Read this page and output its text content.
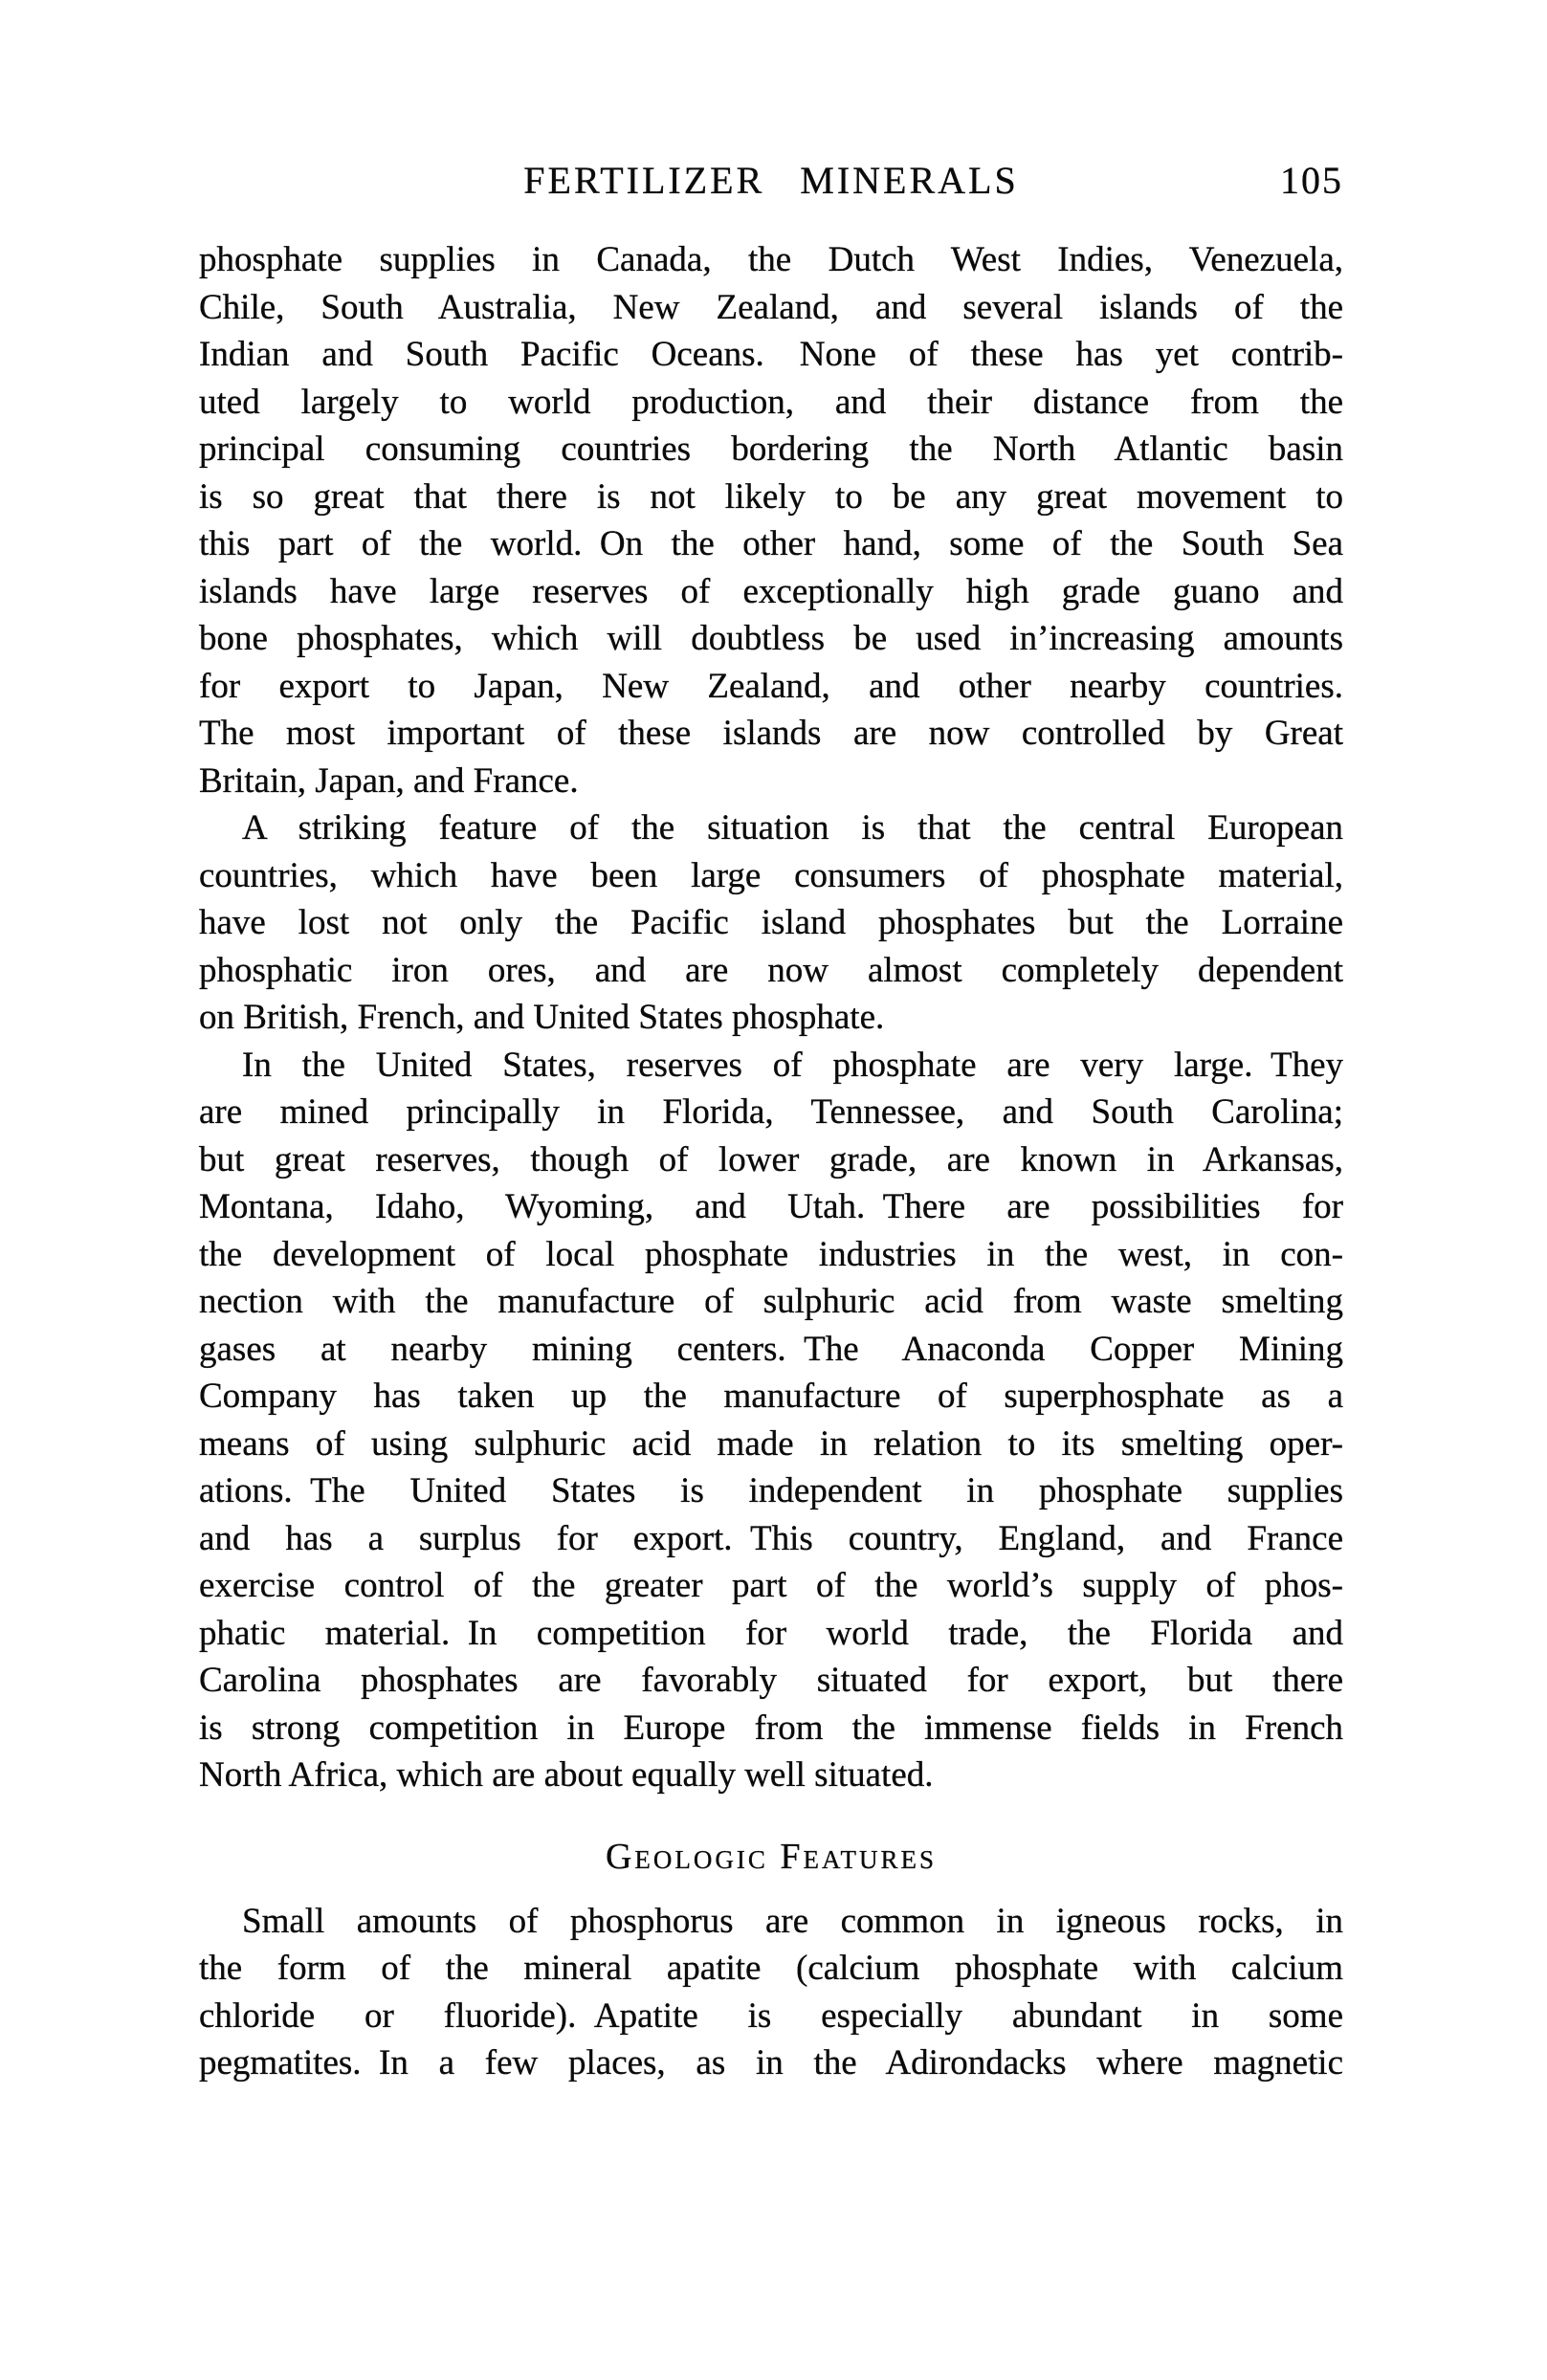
FERTILIZER MINERALS	105
phosphate supplies in Canada, the Dutch West Indies, Venezuela,
Chile, South Australia, New Zealand, and several islands of the
Indian and South Pacific Oceans. None of these has yet contrib-
uted largely to world production, and their distance from the
principal consuming countries bordering the North Atlantic basin
is so great that there is not likely to be any great movement to
this part of the world. On the other hand, some of the South Sea
islands have large reserves of exceptionally high grade guano and
bone phosphates, which will doubtless be used in’increasing amounts
for export to Japan, New Zealand, and other nearby countries.
The most important of these islands are now controlled by Great
Britain, Japan, and France.
A striking feature of the situation is that the central European
countries, which have been large consumers of phosphate material,
have lost not only the Pacific island phosphates but the Lorraine
phosphatic iron ores, and are now almost completely dependent
on British, French, and United States phosphate.
In the United States, reserves of phosphate are very large. They
are mined principally in Florida, Tennessee, and South Carolina;
but great reserves, though of lower grade, are known in Arkansas,
Montana, Idaho, Wyoming, and Utah. There are possibilities for
the development of local phosphate industries in the west, in con-
nection with the manufacture of sulphuric acid from waste smelting
gases at nearby mining centers. The Anaconda Copper Mining
Company has taken up the manufacture of superphosphate as a
means of using sulphuric acid made in relation to its smelting oper-
ations. The United States is independent in phosphate supplies
and has a surplus for export. This country, England, and France
exercise control of the greater part of the world’s supply of phos-
phatic material. In competition for world trade, the Florida and
Carolina phosphates are favorably situated for export, but there
is strong competition in Europe from the immense fields in French
North Africa, which are about equally well situated.
Geologic Features
Small amounts of phosphorus are common in igneous rocks, in
the form of the mineral apatite (calcium phosphate with calcium
chloride or fluoride). Apatite is especially abundant in some
pegmatites. In a few places, as in the Adirondacks where magnetic
